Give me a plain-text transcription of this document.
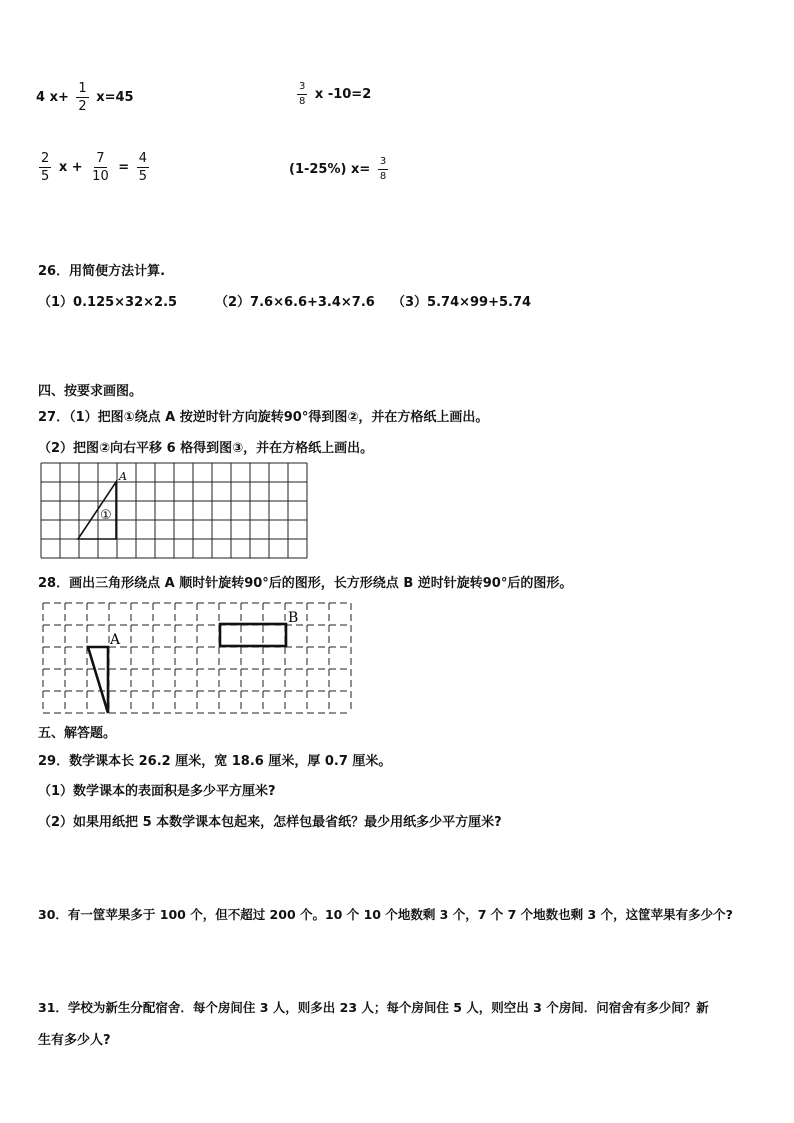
4 $x+ \frac{1}{2} x=45$	$\frac{3}{8}$ x -10=2
$\frac{2}{5}$ $x + \frac{7}{10} = \frac{4}{5}$	(1-25%) $x= \frac{3}{8}$
26．用简便方法计算.
（1）0.125×32×2.5	（2）7.6×6.6+3.4×7.6 （3）5.74×99+5.74
四、按要求画图。
27．（1）把图①绕点 A 按逆时针方向旋转90°得到图②，并在方格纸上画出。
（2）把图②向右平移 6 格得到图③，并在方格纸上画出。
A
①
28．画出三角形绕点 A 顺时针旋转90°后的图形，长方形绕点 B 逆时针旋转90°后的图形。
A
B
五、解答题。
29．数学课本长 26.2 厘米，宽 18.6 厘米，厚 0.7 厘米。
（1）数学课本的表面积是多少平方厘米?
（2）如果用纸把 5 本数学课本包起来，怎样包最省纸？最少用纸多少平方厘米?
30．有一筐苹果多于 100 个，但不超过 200 个。10 个 10 个地数剩 3 个，7 个 7 个地数也剩 3 个，这筐苹果有多少个?
31．学校为新生分配宿舍．每个房间住 3 人，则多出 23 人；每个房间住 5 人，则空出 3 个房间．问宿舍有多少间？新
生有多少人?
